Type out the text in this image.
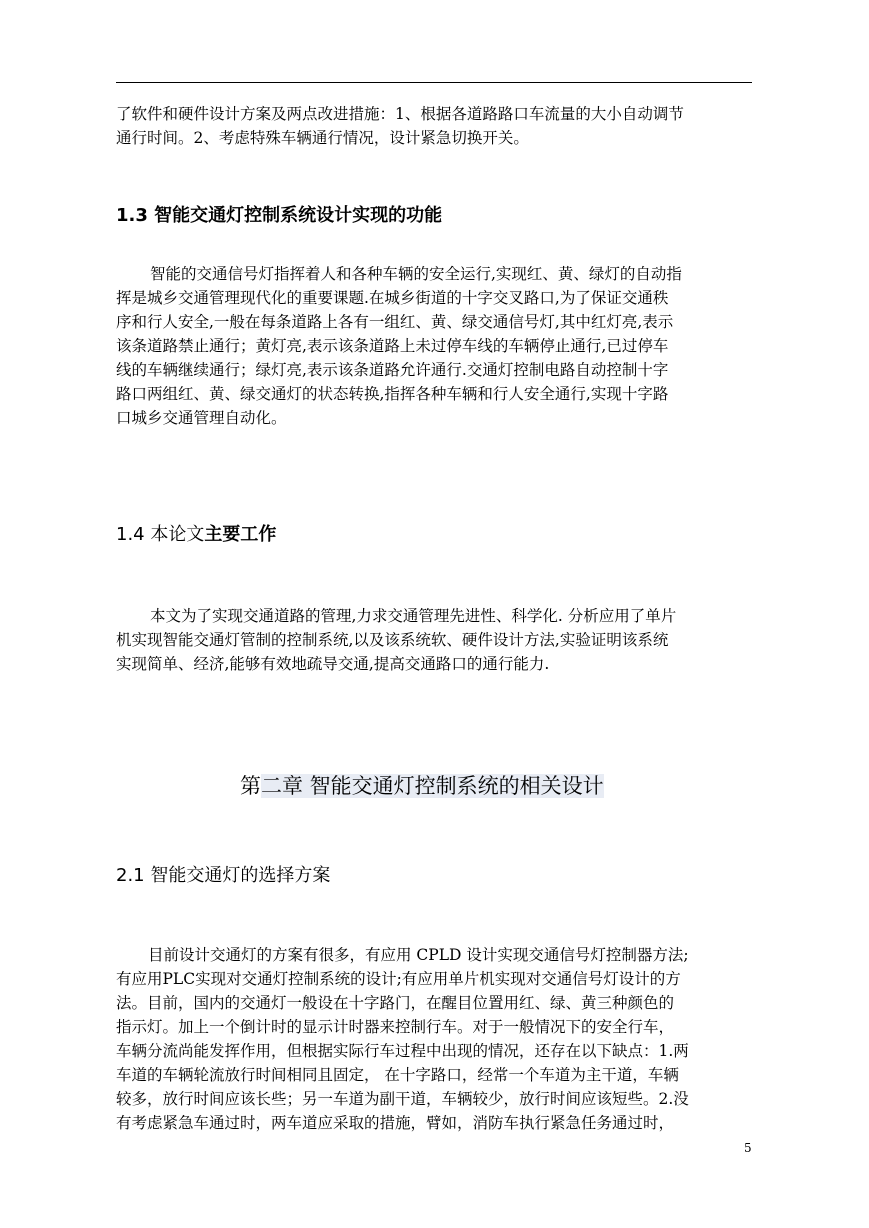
了软件和硬件设计方案及两点改进措施：1、根据各道路路口车流量的大小自动调节
通行时间。2、考虑特殊车辆通行情况，设计紧急切换开关。
1.3 智能交通灯控制系统设计实现的功能
智能的交通信号灯指挥着人和各种车辆的安全运行,实现红、黄、绿灯的自动指
挥是城乡交通管理现代化的重要课题.在城乡街道的十字交叉路口,为了保证交通秩
序和行人安全,一般在每条道路上各有一组红、黄、绿交通信号灯,其中红灯亮,表示
该条道路禁止通行；黄灯亮,表示该条道路上未过停车线的车辆停止通行,已过停车
线的车辆继续通行；绿灯亮,表示该条道路允许通行.交通灯控制电路自动控制十字
路口两组红、黄、绿交通灯的状态转换,指挥各种车辆和行人安全通行,实现十字路
口城乡交通管理自动化。
1.4 本论文主要工作
本文为了实现交通道路的管理,力求交通管理先进性、科学化. 分析应用了单片
机实现智能交通灯管制的控制系统,以及该系统软、硬件设计方法,实验证明该系统
实现简单、经济,能够有效地疏导交通,提高交通路口的通行能力.
第二章 智能交通灯控制系统的相关设计
2.1 智能交通灯的选择方案
目前设计交通灯的方案有很多，有应用 CPLD 设计实现交通信号灯控制器方法;
有应用PLC实现对交通灯控制系统的设计;有应用单片机实现对交通信号灯设计的方
法。目前，国内的交通灯一般设在十字路门，在醒目位置用红、绿、黄三种颜色的
指示灯。加上一个倒计时的显示计时器来控制行车。对于一般情况下的安全行车，
车辆分流尚能发挥作用，但根据实际行车过程中出现的情况，还存在以下缺点：1.两
车道的车辆轮流放行时间相同且固定， 在十字路口，经常一个车道为主干道，车辆
较多，放行时间应该长些；另一车道为副干道，车辆较少，放行时间应该短些。2.没
有考虑紧急车通过时，两车道应采取的措施，臂如，消防车执行紧急任务通过时，
5
